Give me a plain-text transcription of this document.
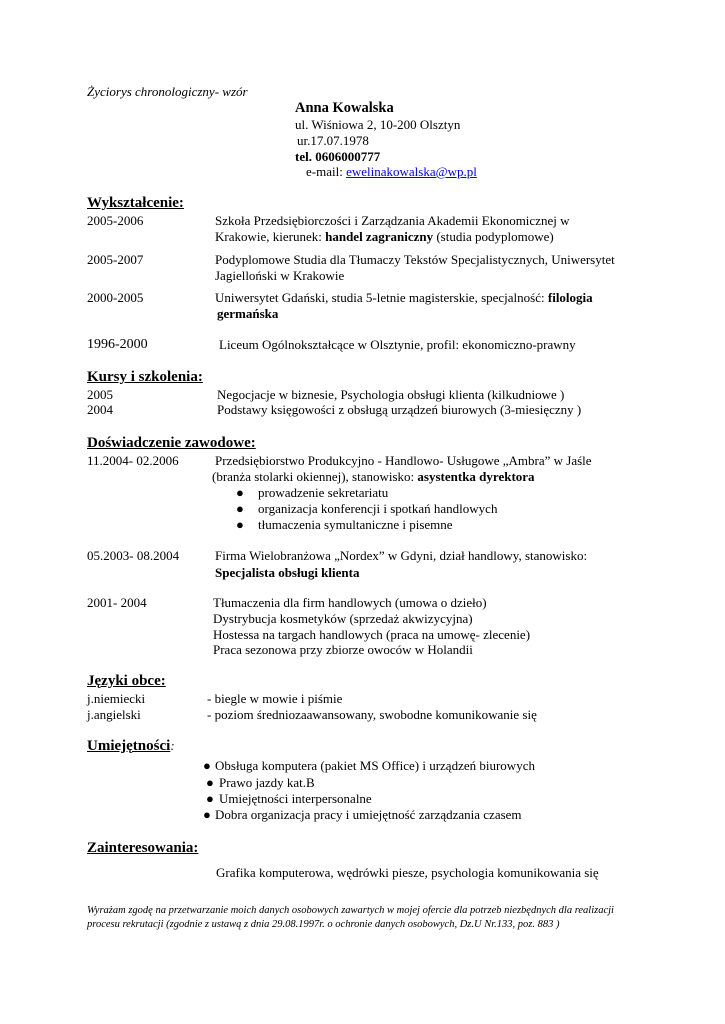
Życiorys chronologiczny- wzór
Anna Kowalska
ul. Wiśniowa 2, 10-200 Olsztyn
ur.17.07.1978
tel. 0606000777
e-mail: ewelinakowalska@wp.pl
Wykształcenie:
2005-2006	Szkoła Przedsiębiorczości i Zarządzania Akademii Ekonomicznej w
Krakowie, kierunek: handel zagraniczny (studia podyplomowe)
2005-2007	Podyplomowe Studia dla Tłumaczy Tekstów Specjalistycznych, Uniwersytet
Jagielloński w Krakowie
2000-2005	Uniwersytet Gdański, studia 5-letnie magisterskie, specjalność: filologia
germańska
1996-2000	Liceum Ogólnokształcące w Olsztynie, profil: ekonomiczno-prawny
Kursy i szkolenia:
2005	Negocjacje w biznesie, Psychologia obsługi klienta (kilkudniowe )
2004	Podstawy księgowości z obsługą urządzeń biurowych (3-miesięczny )
Doświadczenie zawodowe:
11.2004- 02.2006	Przedsiębiorstwo Produkcyjno - Handlowo- Usługowe „Ambra” w Jaśle
(branża stolarki okiennej), stanowisko: asystentka dyrektora
● prowadzenie sekretariatu
● organizacja konferencji i spotkań handlowych
● tłumaczenia symultaniczne i pisemne
05.2003- 08.2004	Firma Wielobranżowa „Nordex” w Gdyni, dział handlowy, stanowisko:
Specjalista obsługi klienta
2001- 2004	Tłumaczenia dla firm handlowych (umowa o dzieło)
Dystrybucja kosmetyków (sprzedaż akwizycyjna)
Hostessa na targach handlowych (praca na umowę- zlecenie)
Praca sezonowa przy zbiorze owoców w Holandii
Języki obce:
j.niemiecki	- biegle w mowie i piśmie
j.angielski	- poziom średniozaawansowany, swobodne komunikowanie się
Umiejętności:
● Obsługa komputera (pakiet MS Office) i urządzeń biurowych
● Prawo jazdy kat.B
● Umiejętności interpersonalne
● Dobra organizacja pracy i umiejętność zarządzania czasem
Zainteresowania:
Grafika komputerowa, wędrówki piesze, psychologia komunikowania się
Wyrażam zgodę na przetwarzanie moich danych osobowych zawartych w mojej ofercie dla potrzeb niezbędnych dla realizacji
procesu rekrutacji (zgodnie z ustawą z dnia 29.08.1997r. o ochronie danych osobowych, Dz.U Nr.133, poz. 883 )
